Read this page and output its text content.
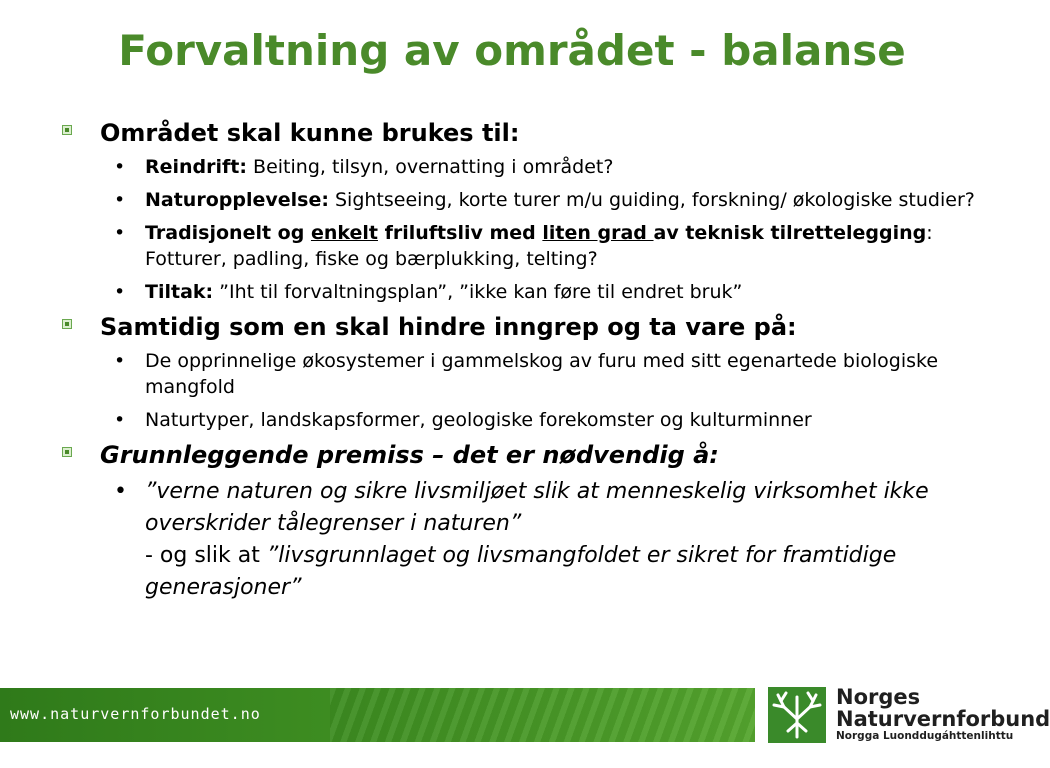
Forvaltning av området - balanse
Området skal kunne brukes til:
• Reindrift: Beiting, tilsyn, overnatting i området?
• Naturopplevelse: Sightseeing, korte turer m/u guiding, forskning/ økologiske studier?
• Tradisjonelt og enkelt friluftsliv med liten grad av teknisk tilrettelegging: Fotturer, padling, fiske og bærplukking, telting?
• Tiltak: ”Iht til forvaltningsplan”, ”ikke kan føre til endret bruk”
Samtidig som en skal hindre inngrep og ta vare på:
• De opprinnelige økosystemer i gammelskog av furu med sitt egenartede biologiske mangfold
• Naturtyper, landskapsformer, geologiske forekomster og kulturminner
Grunnleggende premiss – det er nødvendig å:
• ”verne naturen og sikre livsmiljøet slik at menneskelig virksomhet ikke overskrider tålegrenser i naturen”
- og slik at ”livsgrunnlaget og livsmangfoldet er sikret for framtidige generasjoner”
www.naturvernforbundet.no
Norges
Naturvernforbund
Norgga Luonddugáhttenlihttu
